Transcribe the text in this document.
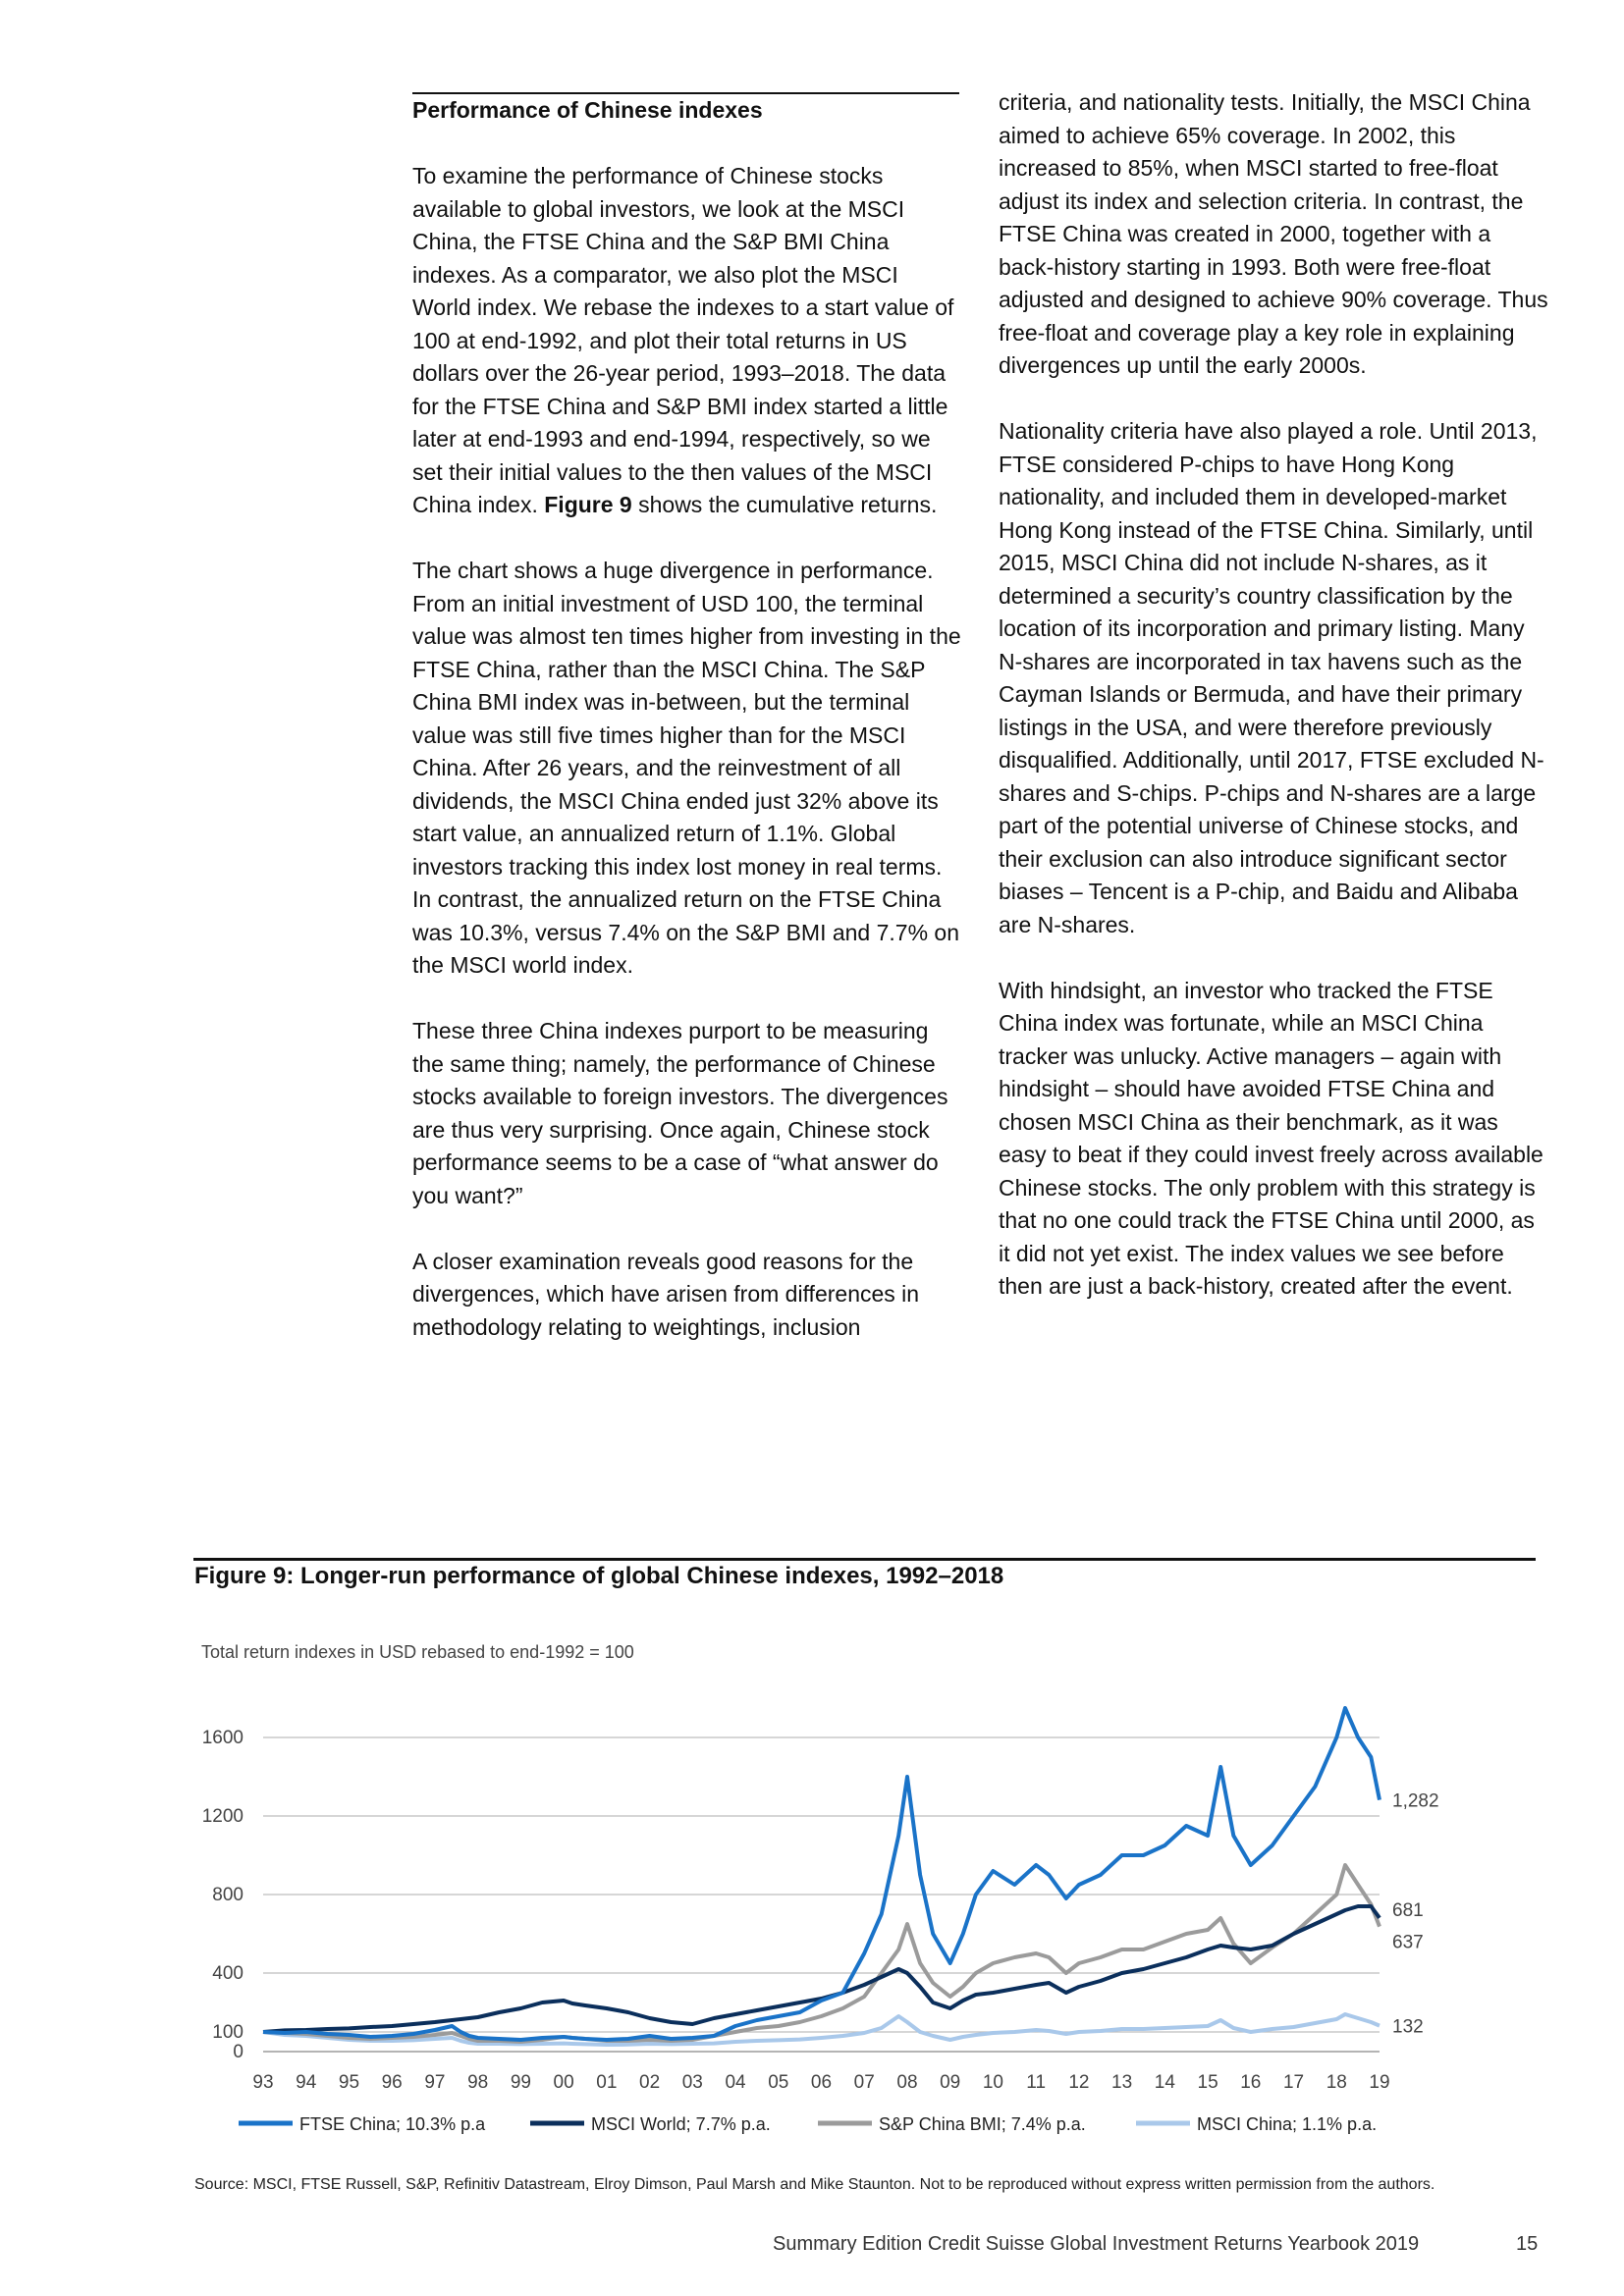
Performance of Chinese indexes

To examine the performance of Chinese stocks available to global investors, we look at the MSCI China, the FTSE China and the S&P BMI China indexes. As a comparator, we also plot the MSCI World index. We rebase the indexes to a start value of 100 at end-1992, and plot their total returns in US dollars over the 26-year period, 1993–2018. The data for the FTSE China and S&P BMI index started a little later at end-1993 and end-1994, respectively, so we set their initial values to the then values of the MSCI China index. Figure 9 shows the cumulative returns.

The chart shows a huge divergence in performance. From an initial investment of USD 100, the terminal value was almost ten times higher from investing in the FTSE China, rather than the MSCI China. The S&P China BMI index was in-between, but the terminal value was still five times higher than for the MSCI China. After 26 years, and the reinvestment of all dividends, the MSCI China ended just 32% above its start value, an annualized return of 1.1%. Global investors tracking this index lost money in real terms. In contrast, the annualized return on the FTSE China was 10.3%, versus 7.4% on the S&P BMI and 7.7% on the MSCI world index.

These three China indexes purport to be measuring the same thing; namely, the performance of Chinese stocks available to foreign investors. The divergences are thus very surprising. Once again, Chinese stock performance seems to be a case of “what answer do you want?”

A closer examination reveals good reasons for the divergences, which have arisen from differences in methodology relating to weightings, inclusion

criteria, and nationality tests. Initially, the MSCI China aimed to achieve 65% coverage. In 2002, this increased to 85%, when MSCI started to free-float adjust its index and selection criteria. In contrast, the FTSE China was created in 2000, together with a back-history starting in 1993. Both were free-float adjusted and designed to achieve 90% coverage. Thus free-float and coverage play a key role in explaining divergences up until the early 2000s.

Nationality criteria have also played a role. Until 2013, FTSE considered P-chips to have Hong Kong nationality, and included them in developed-market Hong Kong instead of the FTSE China. Similarly, until 2015, MSCI China did not include N-shares, as it determined a security’s country classification by the location of its incorporation and primary listing. Many N-shares are incorporated in tax havens such as the Cayman Islands or Bermuda, and have their primary listings in the USA, and were therefore previously disqualified. Additionally, until 2017, FTSE excluded N-shares and S-chips. P-chips and N-shares are a large part of the potential universe of Chinese stocks, and their exclusion can also introduce significant sector biases – Tencent is a P-chip, and Baidu and Alibaba are N-shares.

With hindsight, an investor who tracked the FTSE China index was fortunate, while an MSCI China tracker was unlucky. Active managers – again with hindsight – should have avoided FTSE China and chosen MSCI China as their benchmark, as it was easy to beat if they could invest freely across available Chinese stocks. The only problem with this strategy is that no one could track the FTSE China until 2000, as it did not yet exist. The index values we see before then are just a back-history, created after the event.

Figure 9: Longer-run performance of global Chinese indexes, 1992–2018
Total return indexes in USD rebased to end-1992 = 100
0
100
400
800
1200
1600
93 94 95 96 97 98 99 00 01 02 03 04 05 06 07 08 09 10 11 12 13 14 15 16 17 18 19
1,282
681
637
132
FTSE China; 10.3% p.a	MSCI World; 7.7% p.a.	S&P China BMI; 7.4% p.a.	MSCI China; 1.1% p.a.
Source: MSCI, FTSE Russell, S&P, Refinitiv Datastream, Elroy Dimson, Paul Marsh and Mike Staunton. Not to be reproduced without express written permission from the authors.
Summary Edition Credit Suisse Global Investment Returns Yearbook 2019	15
